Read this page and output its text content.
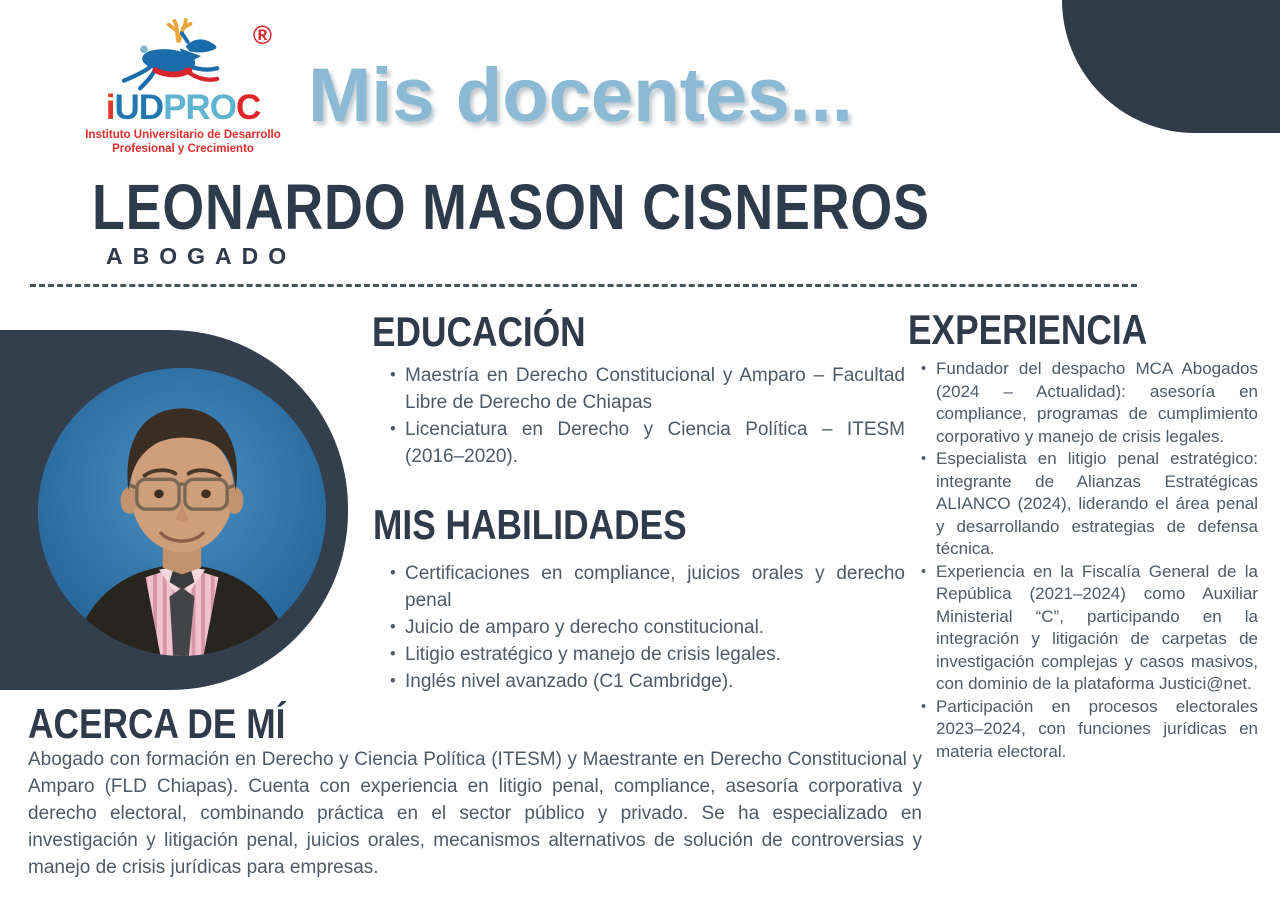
®
iUDPROC
Instituto Universitario de Desarrollo
Profesional y Crecimiento
Mis docentes...
LEONARDO MASON CISNEROS
ABOGADO
EDUCACIÓN
• Maestría en Derecho Constitucional y Amparo – Facultad Libre de Derecho de Chiapas
• Licenciatura en Derecho y Ciencia Política – ITESM (2016–2020).
MIS HABILIDADES
• Certificaciones en compliance, juicios orales y derecho penal
• Juicio de amparo y derecho constitucional.
• Litigio estratégico y manejo de crisis legales.
• Inglés nivel avanzado (C1 Cambridge).
EXPERIENCIA
• Fundador del despacho MCA Abogados (2024 – Actualidad): asesoría en compliance, programas de cumplimiento corporativo y manejo de crisis legales.
• Especialista en litigio penal estratégico: integrante de Alianzas Estratégicas ALIANCO (2024), liderando el área penal y desarrollando estrategias de defensa técnica.
• Experiencia en la Fiscalía General de la República (2021–2024) como Auxiliar Ministerial “C”, participando en la integración y litigación de carpetas de investigación complejas y casos masivos, con dominio de la plataforma Justici@net.
• Participación en procesos electorales 2023–2024, con funciones jurídicas en materia electoral.
ACERCA DE MÍ
Abogado con formación en Derecho y Ciencia Política (ITESM) y Maestrante en Derecho Constitucional y Amparo (FLD Chiapas). Cuenta con experiencia en litigio penal, compliance, asesoría corporativa y derecho electoral, combinando práctica en el sector público y privado. Se ha especializado en investigación y litigación penal, juicios orales, mecanismos alternativos de solución de controversias y manejo de crisis jurídicas para empresas.
